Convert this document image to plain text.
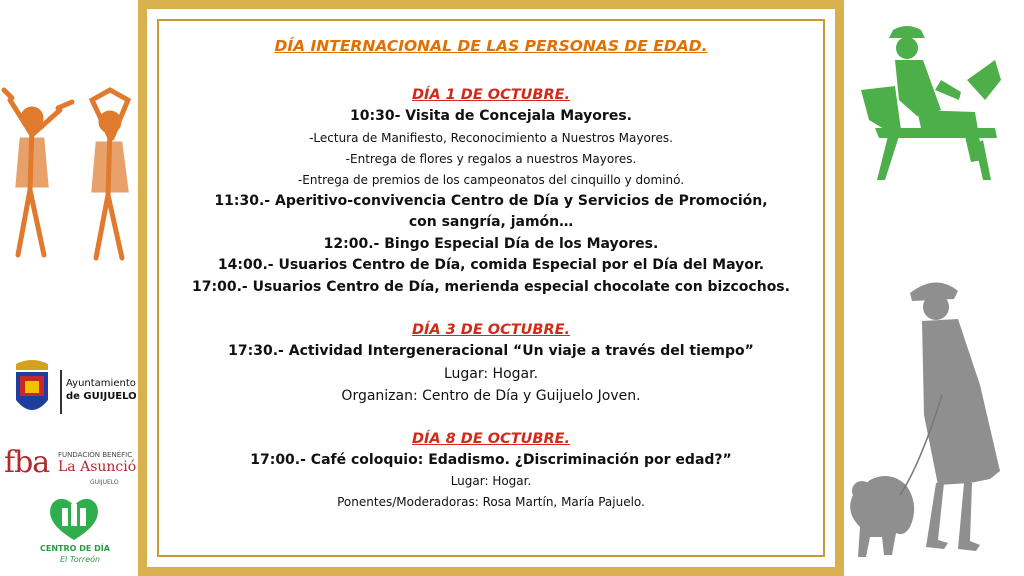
Ayuntamiento
de GUIJUELO
fba FUNDACIÓN BENÉFIC
La Asunció
GUIJUELO
CENTRO DE DÍA
El Torreón

DÍA INTERNACIONAL DE LAS PERSONAS DE EDAD.

DÍA 1 DE OCTUBRE.

10:30- Visita de Concejala Mayores.

-Lectura de Manifiesto, Reconocimiento a Nuestros Mayores.

-Entrega de flores y regalos a nuestros Mayores.

-Entrega de premios de los campeonatos del cinquillo y dominó.

11:30.- Aperitivo-convivencia Centro de Día y Servicios de Promoción, con sangría, jamón…

12:00.- Bingo Especial Día de los Mayores.

14:00.- Usuarios Centro de Día, comida Especial por el Día del Mayor.

17:00.- Usuarios Centro de Día, merienda especial chocolate con bizcochos.

DÍA 3 DE OCTUBRE.

17:30.- Actividad Intergeneracional “Un viaje a través del tiempo”

Lugar: Hogar.

Organizan: Centro de Día y Guijuelo Joven.

DÍA 8 DE OCTUBRE.

17:00.- Café coloquio: Edadismo. ¿Discriminación por edad?”

Lugar: Hogar.

Ponentes/Moderadoras: Rosa Martín, María Pajuelo.
